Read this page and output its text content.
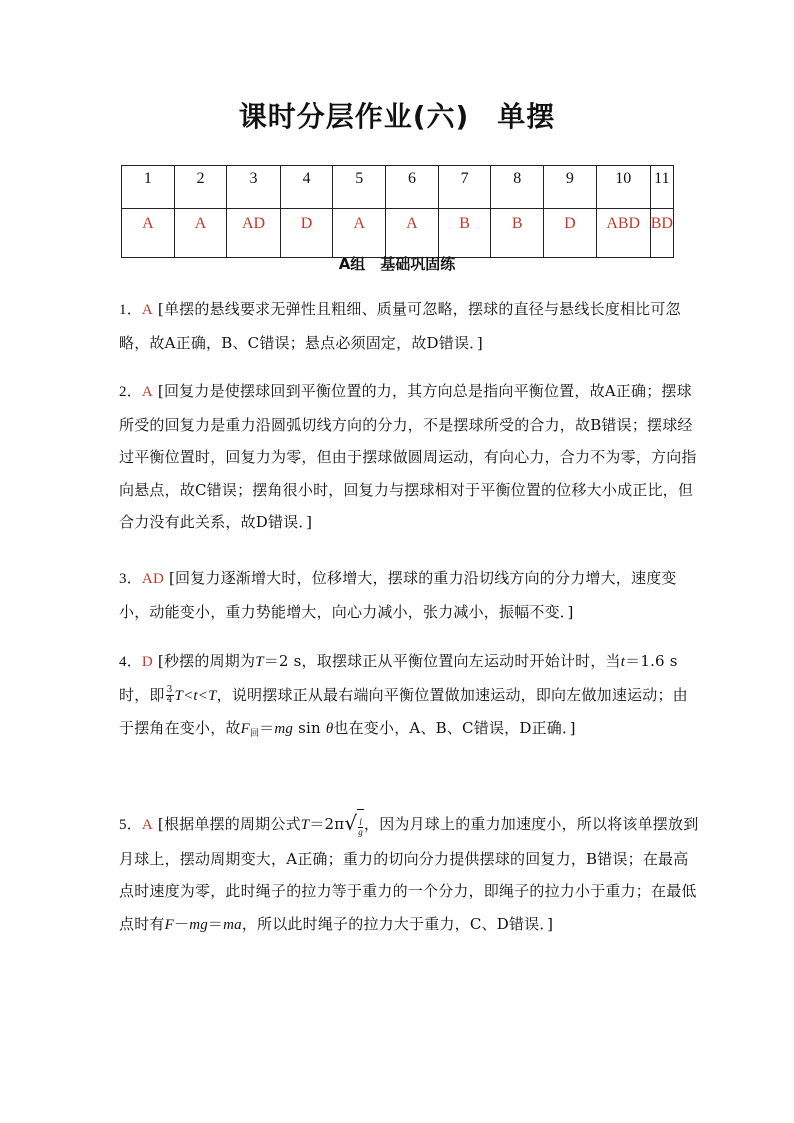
课时分层作业(六) 单摆
1	2	3	4	5	6	7	8	9	10	11
A	A	AD	D	A	A	B	B	D	ABD	BD
A组　基础巩固练
1．A [单摆的悬线要求无弹性且粗细、质量可忽略，摆球的直径与悬线长度相比可忽略，故A正确，B、C错误；悬点必须固定，故D错误．]
2．A [回复力是使摆球回到平衡位置的力，其方向总是指向平衡位置，故A正确；摆球所受的回复力是重力沿圆弧切线方向的分力，不是摆球所受的合力，故B错误；摆球经过平衡位置时，回复力为零，但由于摆球做圆周运动，有向心力，合力不为零，方向指向悬点，故C错误；摆角很小时，回复力与摆球相对于平衡位置的位移大小成正比，但合力没有此关系，故D错误．]
3．AD [回复力逐渐增大时，位移增大，摆球的重力沿切线方向的分力增大，速度变小，动能变小，重力势能增大，向心力减小，张力减小，振幅不变．]
4．D [秒摆的周期为T＝2 s，取摆球正从平衡位置向左运动时开始计时，当t＝1.6 s时，即 $\frac{3}{4} T<t<T$，说明摆球正从最右端向平衡位置做加速运动，即向左做加速运动；由于摆角在变小，故$F_回=mg$ sin θ也在变小，A、B、C错误，D正确．]
5．A [根据单摆的周期公式$T=2\pi√ \frac{l}{g}$ ，因为月球上的重力加速度小，所以将该单摆放到月球上，摆动周期变大，A正确；重力的切向分力提供摆球的回复力，B错误；在最高点时速度为零，此时绳子的拉力等于重力的一个分力，即绳子的拉力小于重力；在最低点时有F－mg＝ma，所以此时绳子的拉力大于重力，C、D错误．]
